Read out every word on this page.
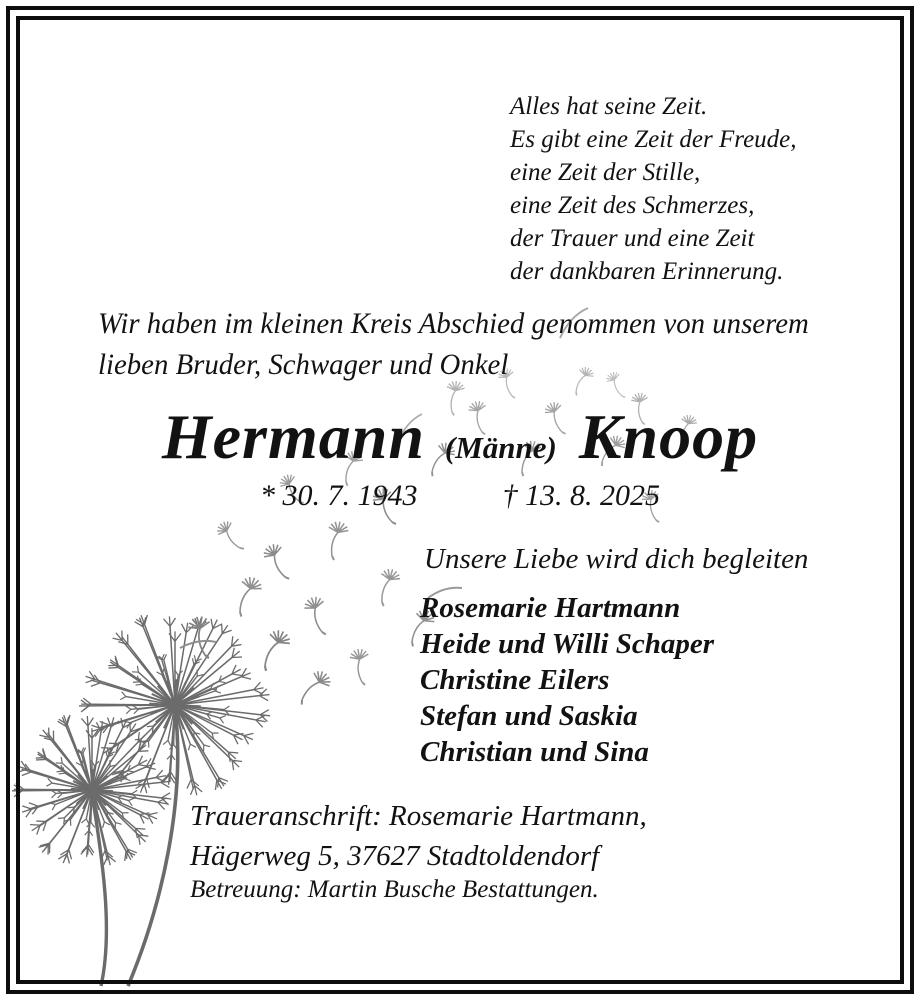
Alles hat seine Zeit.
Es gibt eine Zeit der Freude,
eine Zeit der Stille,
eine Zeit des Schmerzes,
der Trauer und eine Zeit
der dankbaren Erinnerung.
Wir haben im kleinen Kreis Abschied genommen von unserem
lieben Bruder, Schwager und Onkel
Hermann (Männe) Knoop
* 30. 7. 1943	† 13. 8. 2025
Unsere Liebe wird dich begleiten
Rosemarie Hartmann
Heide und Willi Schaper
Christine Eilers
Stefan und Saskia
Christian und Sina
Traueranschrift: Rosemarie Hartmann,
Hägerweg 5, 37627 Stadtoldendorf
Betreuung: Martin Busche Bestattungen.
